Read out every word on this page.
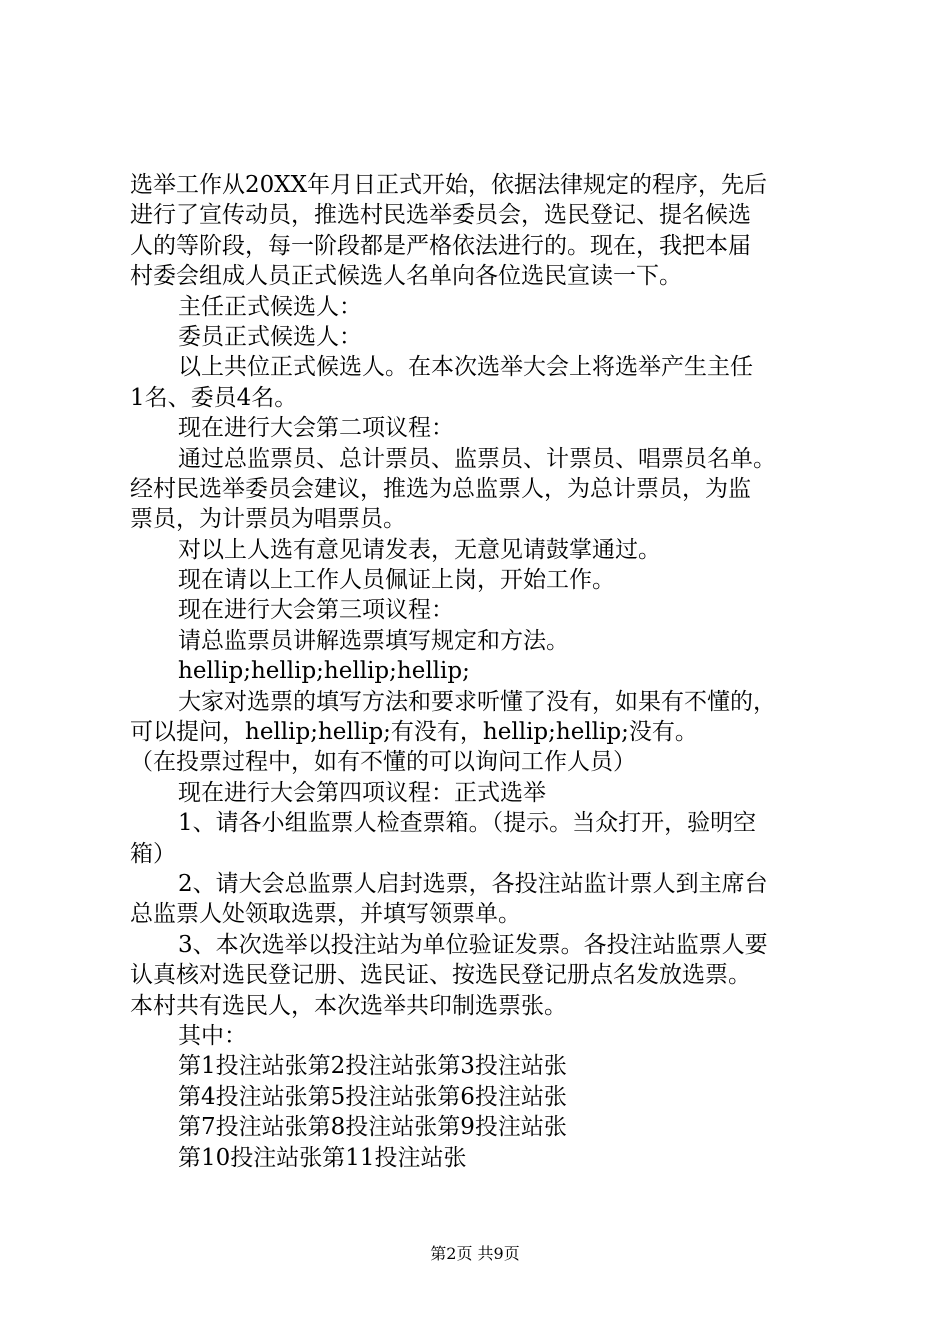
选举工作从20XX年月日正式开始，依据法律规定的程序，先后
进行了宣传动员，推选村民选举委员会，选民登记、提名候选
人的等阶段，每一阶段都是严格依法进行的。现在，我把本届
村委会组成人员正式候选人名单向各位选民宣读一下。
主任正式候选人：
委员正式候选人：
以上共位正式候选人。在本次选举大会上将选举产生主任
1名、委员4名。
现在进行大会第二项议程：
通过总监票员、总计票员、监票员、计票员、唱票员名单。
经村民选举委员会建议，推选为总监票人，为总计票员，为监
票员，为计票员为唱票员。
对以上人选有意见请发表，无意见请鼓掌通过。
现在请以上工作人员佩证上岗，开始工作。
现在进行大会第三项议程：
请总监票员讲解选票填写规定和方法。
hellip;hellip;hellip;hellip;
大家对选票的填写方法和要求听懂了没有，如果有不懂的，
可以提问，hellip;hellip;有没有，hellip;hellip;没有。
（在投票过程中，如有不懂的可以询问工作人员）
现在进行大会第四项议程：正式选举
1、请各小组监票人检查票箱。（提示。当众打开，验明空
箱）
2、请大会总监票人启封选票，各投注站监计票人到主席台
总监票人处领取选票，并填写领票单。
3、本次选举以投注站为单位验证发票。各投注站监票人要
认真核对选民登记册、选民证、按选民登记册点名发放选票。
本村共有选民人，本次选举共印制选票张。
其中：
第1投注站张第2投注站张第3投注站张
第4投注站张第5投注站张第6投注站张
第7投注站张第8投注站张第9投注站张
第10投注站张第11投注站张
第2页 共9页
